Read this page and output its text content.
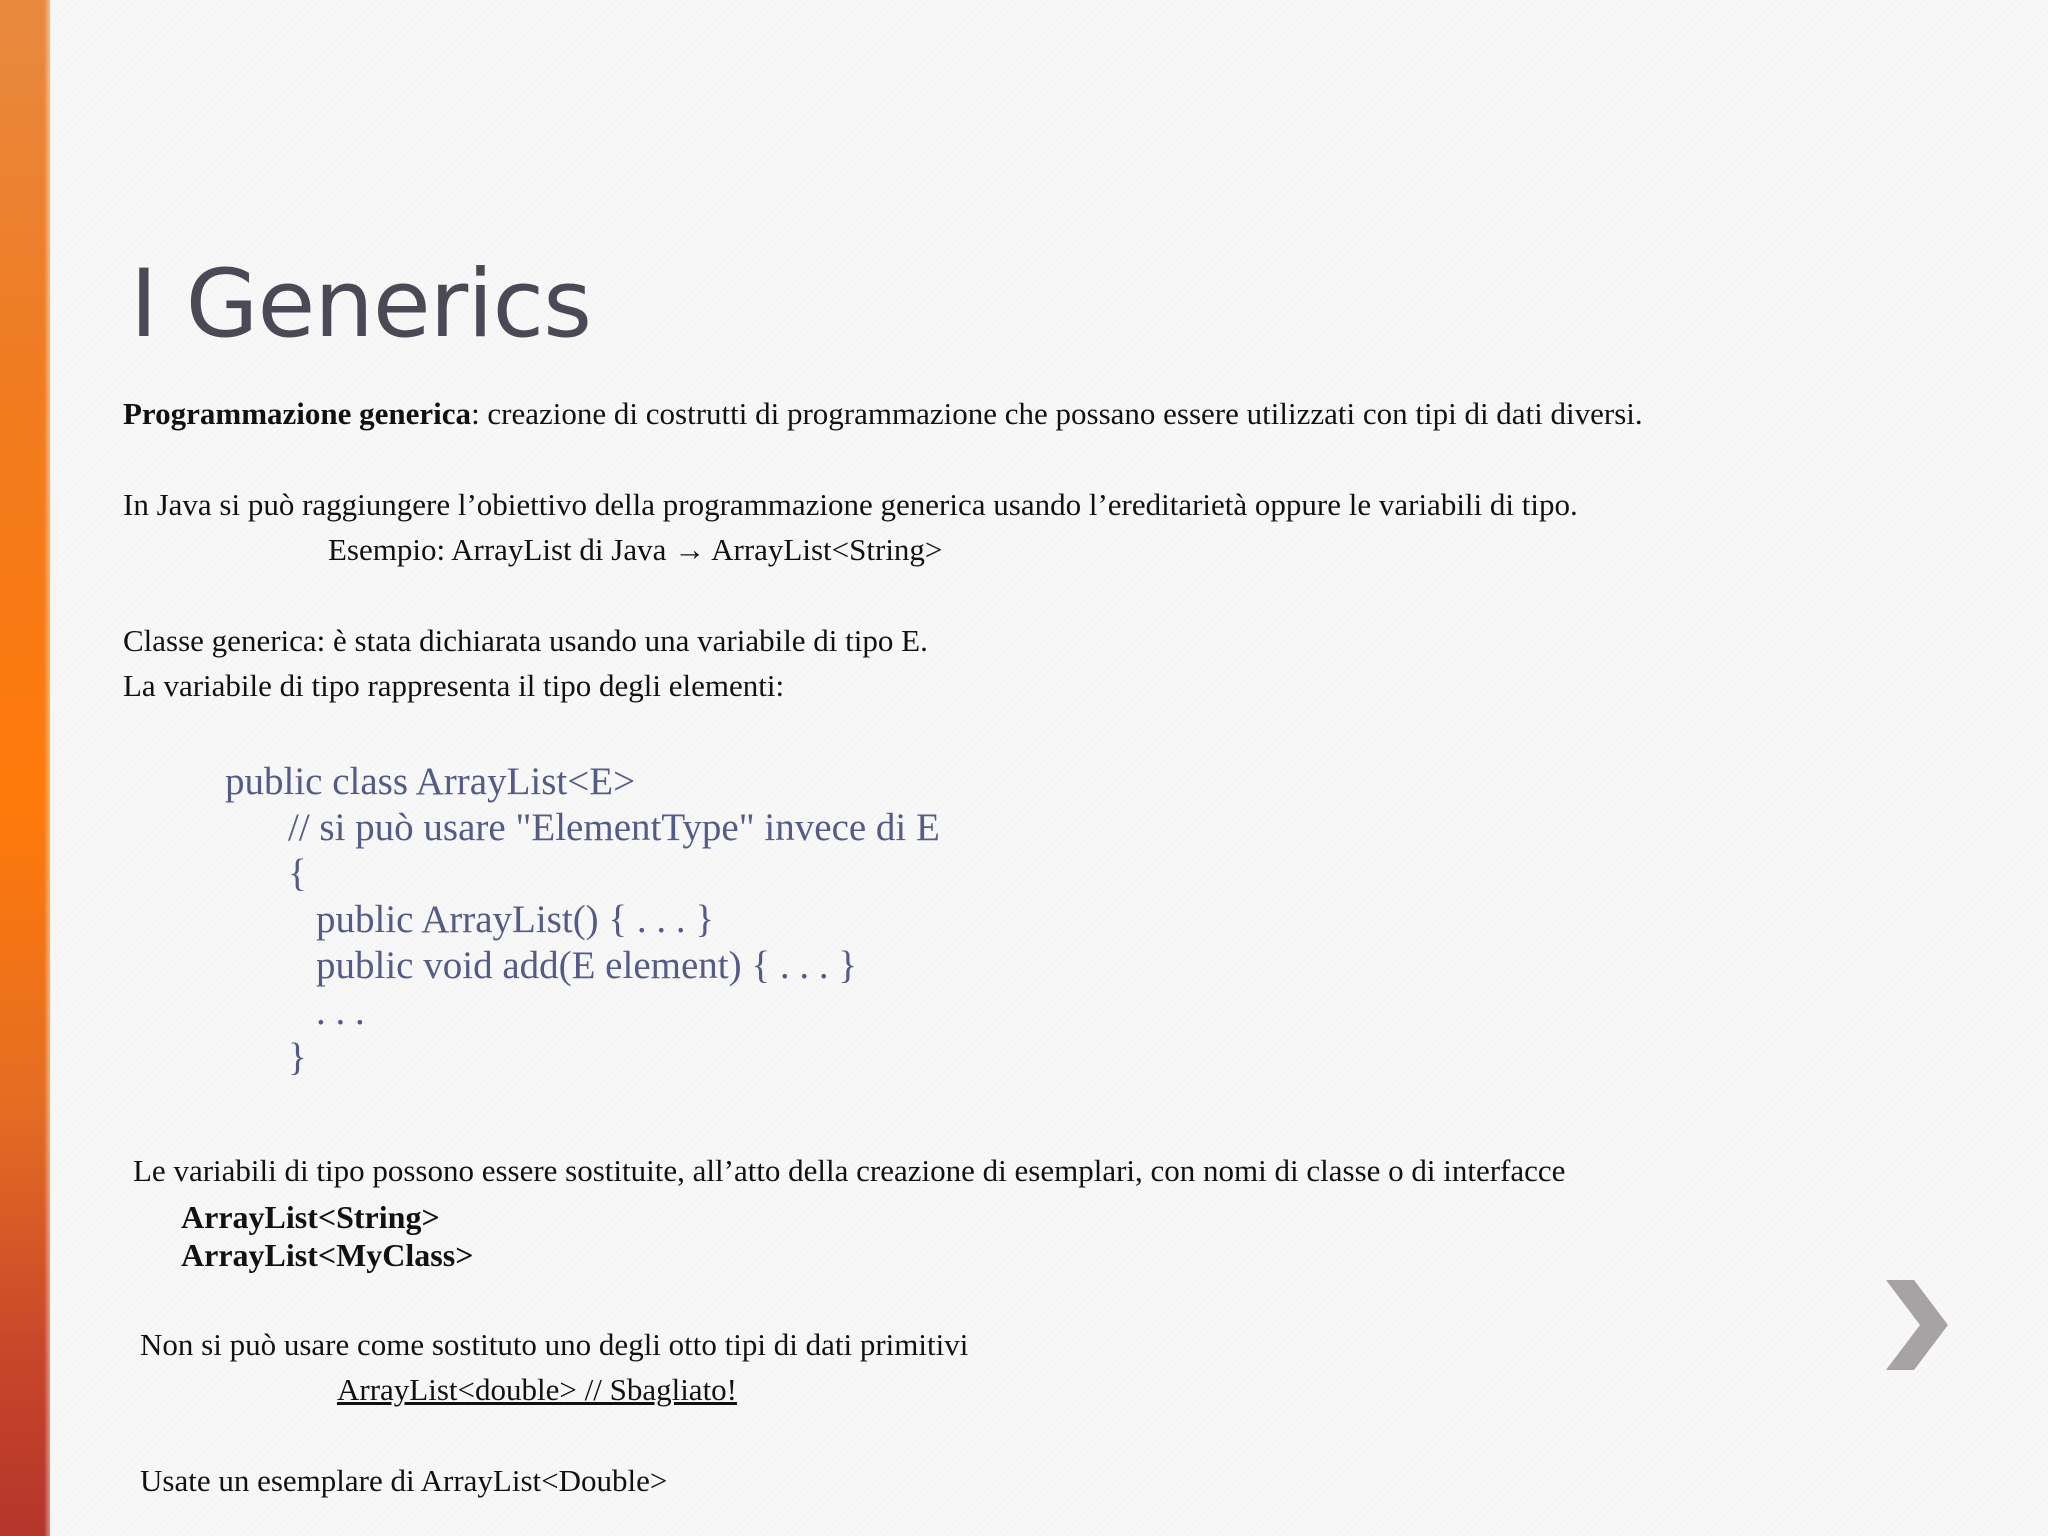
I Generics

Programmazione generica: creazione di costrutti di programmazione che possano essere utilizzati con tipi di dati diversi.

In Java si può raggiungere l’obiettivo della programmazione generica usando l’ereditarietà oppure le variabili di tipo.

Esempio: ArrayList di Java → ArrayList<String>

Classe generica: è stata dichiarata usando una variabile di tipo E.

La variabile di tipo rappresenta il tipo degli elementi:

public class ArrayList<E>

// si può usare "ElementType" invece di E

{

public ArrayList() { . . . }

public void add(E element) { . . . }

. . .

}

Le variabili di tipo possono essere sostituite, all’atto della creazione di esemplari, con nomi di classe o di interfacce

ArrayList<String>

ArrayList<MyClass>

Non si può usare come sostituto uno degli otto tipi di dati primitivi

ArrayList<double> // Sbagliato!

Usate un esemplare di ArrayList<Double>
